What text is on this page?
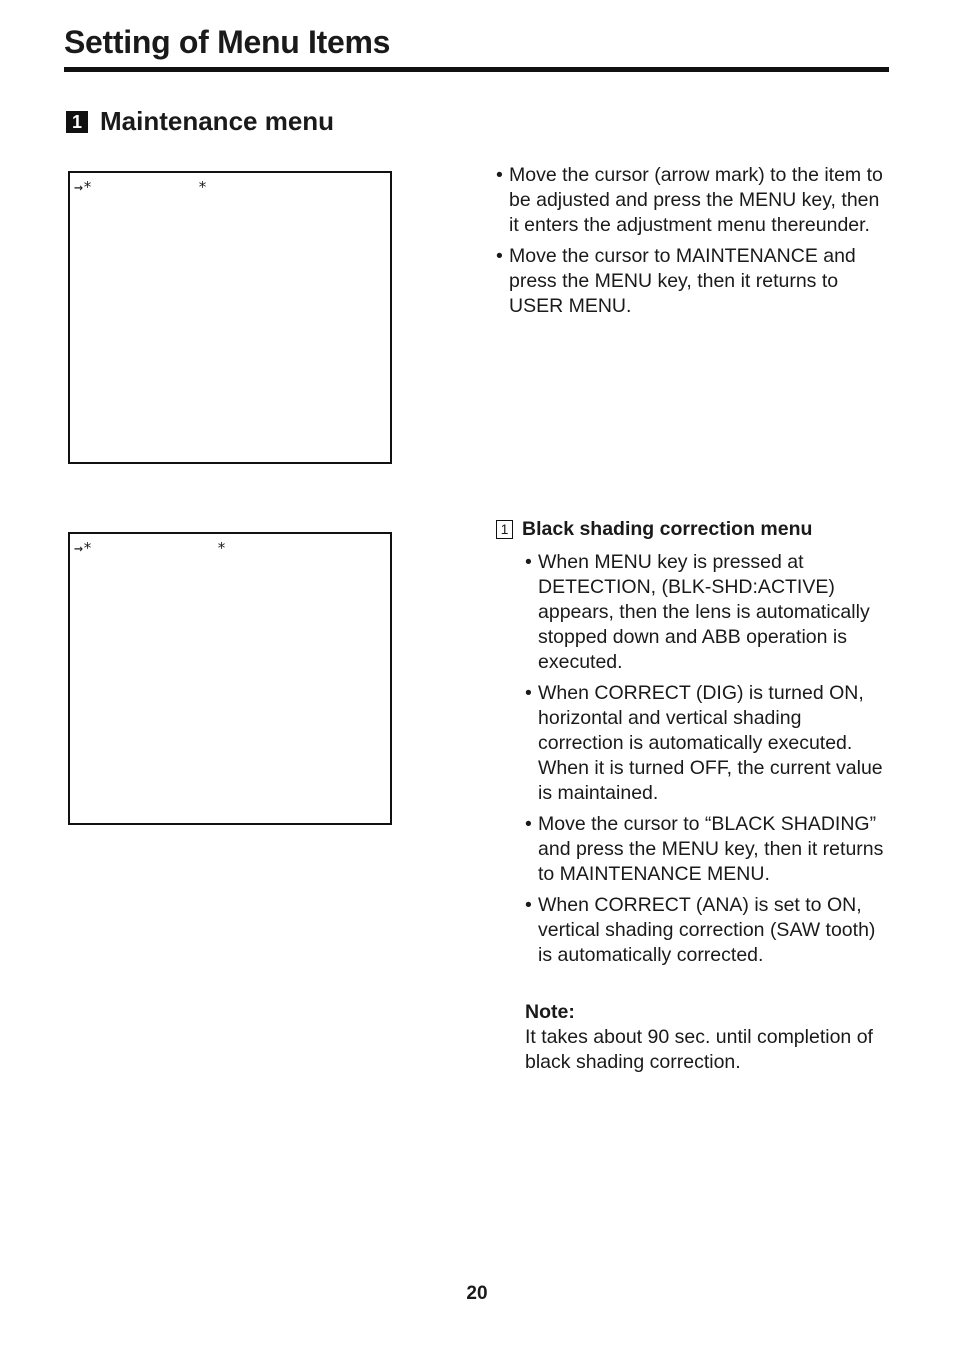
Setting of Menu Items
1 Maintenance menu
→*	*
• Move the cursor (arrow mark) to the item to be adjusted and press the MENU key, then it enters the adjustment menu thereunder.
• Move the cursor to MAINTENANCE and press the MENU key, then it returns to USER MENU.
→*	*
1 Black shading correction menu
• When MENU key is pressed at DETECTION, (BLK-SHD:ACTIVE) appears, then the lens is automatically stopped down and ABB operation is executed.
• When CORRECT (DIG) is turned ON, horizontal and vertical shading correction is automatically executed. When it is turned OFF, the current value is maintained.
• Move the cursor to “BLACK SHADING” and press the MENU key, then it returns to MAINTENANCE MENU.
• When CORRECT (ANA) is set to ON, vertical shading correction (SAW tooth) is automatically corrected.
Note:
It takes about 90 sec. until completion of black shading correction.
20
